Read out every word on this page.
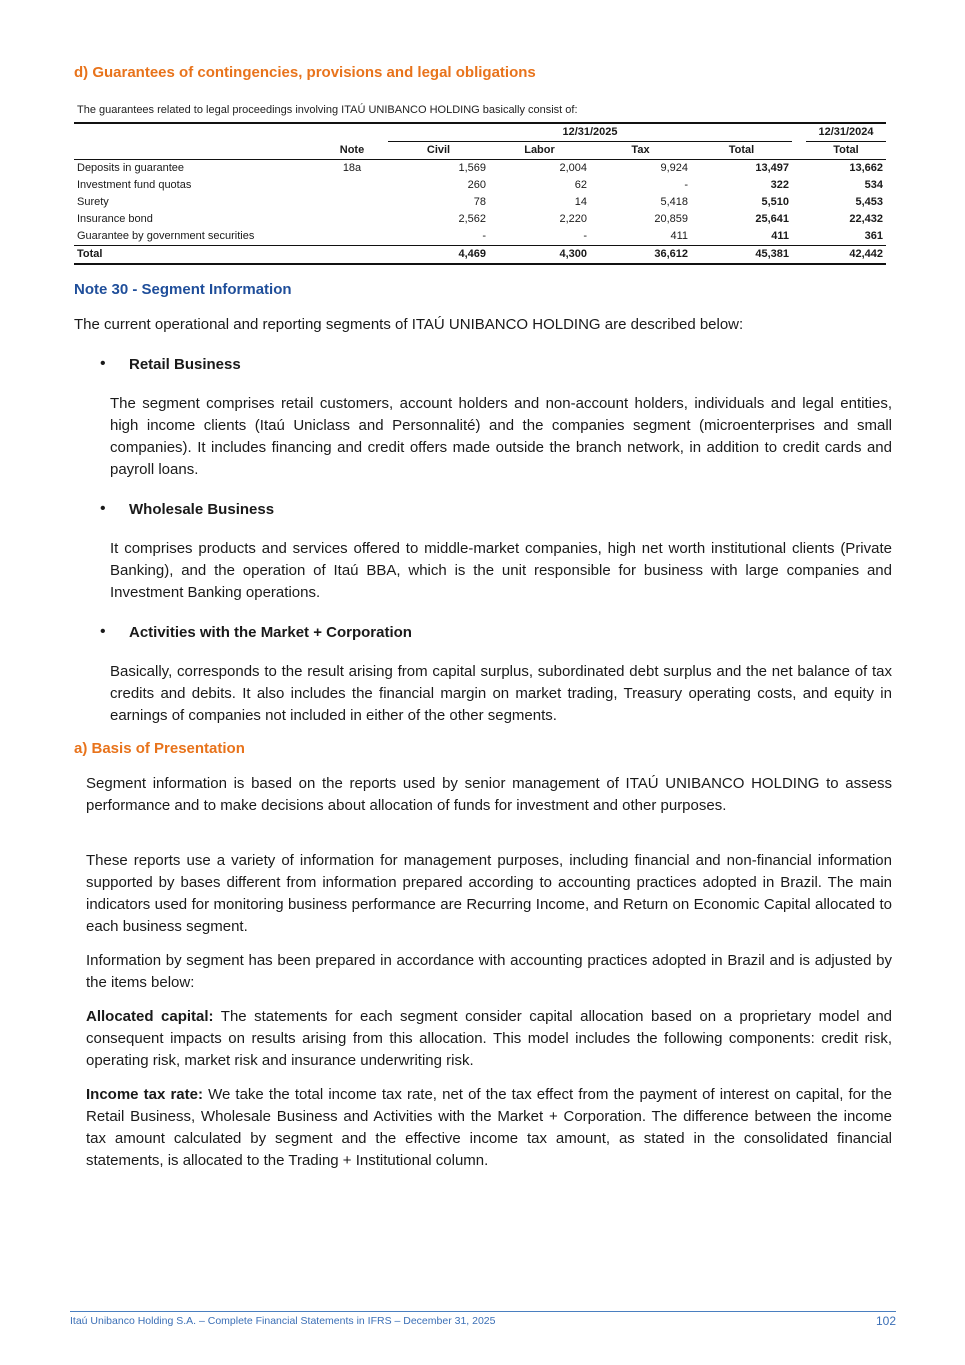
d) Guarantees of contingencies, provisions and legal obligations
The guarantees related to legal proceedings involving ITAÚ UNIBANCO HOLDING basically consist of:
		12/31/2025					12/31/2024
	Note	Civil	Labor	Tax	Total		Total
Deposits in guarantee	18a	1,569	2,004	9,924	13,497		13,662
Investment fund quotas		260	62	-	322		534
Surety		78	14	5,418	5,510		5,453
Insurance bond		2,562	2,220	20,859	25,641		22,432
Guarantee by government securities		-	-	411	411		361
Total		4,469	4,300	36,612	45,381		42,442
Note 30 - Segment Information
The current operational and reporting segments of ITAÚ UNIBANCO HOLDING are described below:
• Retail Business
The segment comprises retail customers, account holders and non-account holders, individuals and legal entities, high income clients (Itaú Uniclass and Personnalité) and the companies segment (microenterprises and small companies). It includes financing and credit offers made outside the branch network, in addition to credit cards and payroll loans.
• Wholesale Business
It comprises products and services offered to middle-market companies, high net worth institutional clients (Private Banking), and the operation of Itaú BBA, which is the unit responsible for business with large companies and Investment Banking operations.
• Activities with the Market + Corporation
Basically, corresponds to the result arising from capital surplus, subordinated debt surplus and the net balance of tax credits and debits. It also includes the financial margin on market trading, Treasury operating costs, and equity in earnings of companies not included in either of the other segments.
a) Basis of Presentation
Segment information is based on the reports used by senior management of ITAÚ UNIBANCO HOLDING to assess performance and to make decisions about allocation of funds for investment and other purposes.
These reports use a variety of information for management purposes, including financial and non-financial information supported by bases different from information prepared according to accounting practices adopted in Brazil. The main indicators used for monitoring business performance are Recurring Income, and Return on Economic Capital allocated to each business segment.
Information by segment has been prepared in accordance with accounting practices adopted in Brazil and is adjusted by the items below:
Allocated capital: The statements for each segment consider capital allocation based on a proprietary model and consequent impacts on results arising from this allocation. This model includes the following components: credit risk, operating risk, market risk and insurance underwriting risk.
Income tax rate: We take the total income tax rate, net of the tax effect from the payment of interest on capital, for the Retail Business, Wholesale Business and Activities with the Market + Corporation. The difference between the income tax amount calculated by segment and the effective income tax amount, as stated in the consolidated financial statements, is allocated to the Trading + Institutional column.
Itaú Unibanco Holding S.A. – Complete Financial Statements in IFRS – December 31, 2025	102
